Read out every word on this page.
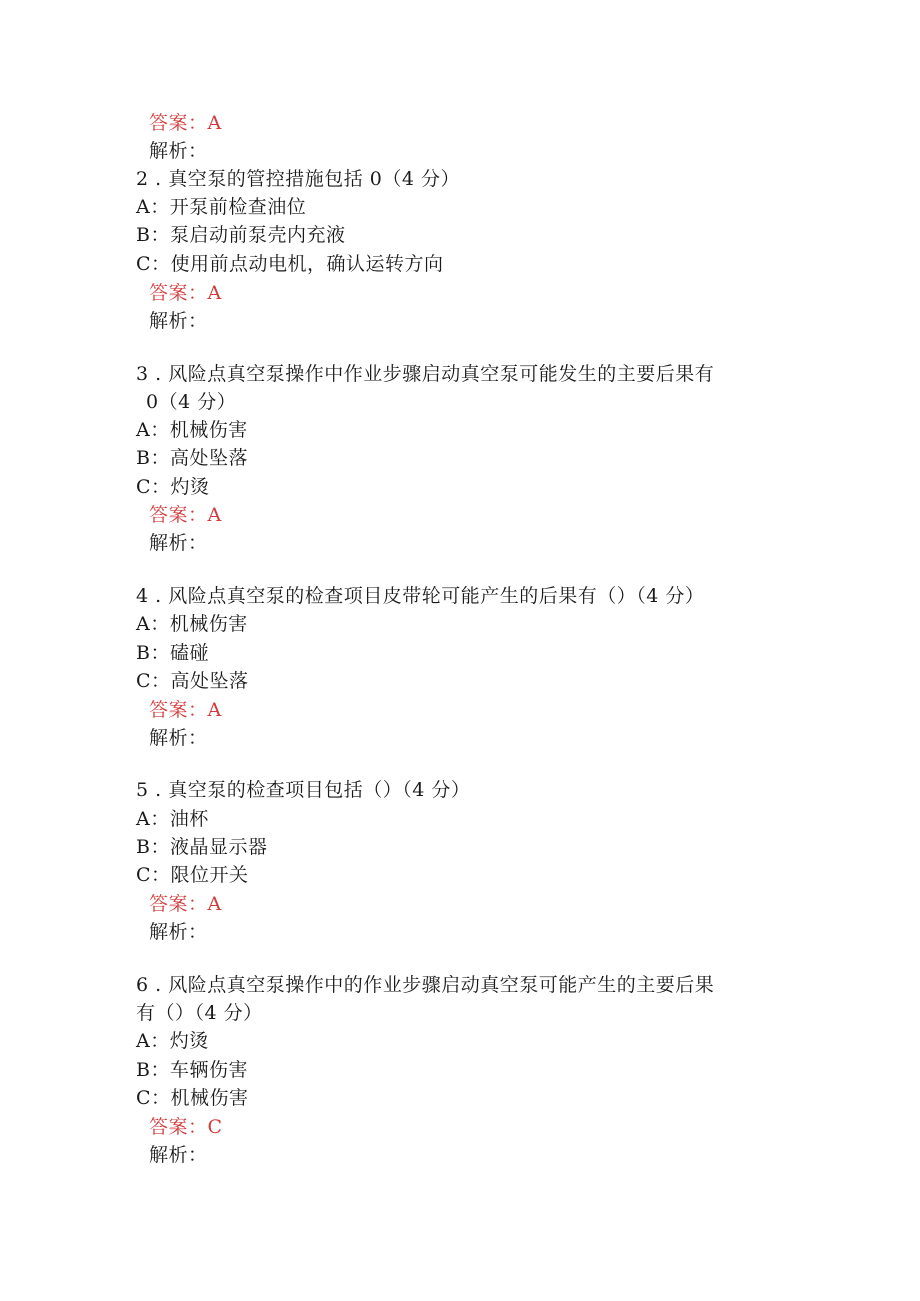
答案：A
解析：
2 . 真空泵的管控措施包括 0（4 分）
A：开泵前检查油位
B：泵启动前泵壳内充液
C：使用前点动电机，确认运转方向
答案：A
解析：
3 . 风险点真空泵操作中作业步骤启动真空泵可能发生的主要后果有
0（4 分）
A：机械伤害
B：高处坠落
C：灼烫
答案：A
解析：
4 . 风险点真空泵的检查项目皮带轮可能产生的后果有（）（4 分）
A：机械伤害
B：磕碰
C：高处坠落
答案：A
解析：
5 . 真空泵的检查项目包括（）（4 分）
A：油杯
B：液晶显示器
C：限位开关
答案：A
解析：
6 . 风险点真空泵操作中的作业步骤启动真空泵可能产生的主要后果
有（）（4 分）
A：灼烫
B：车辆伤害
C：机械伤害
答案：C
解析：
